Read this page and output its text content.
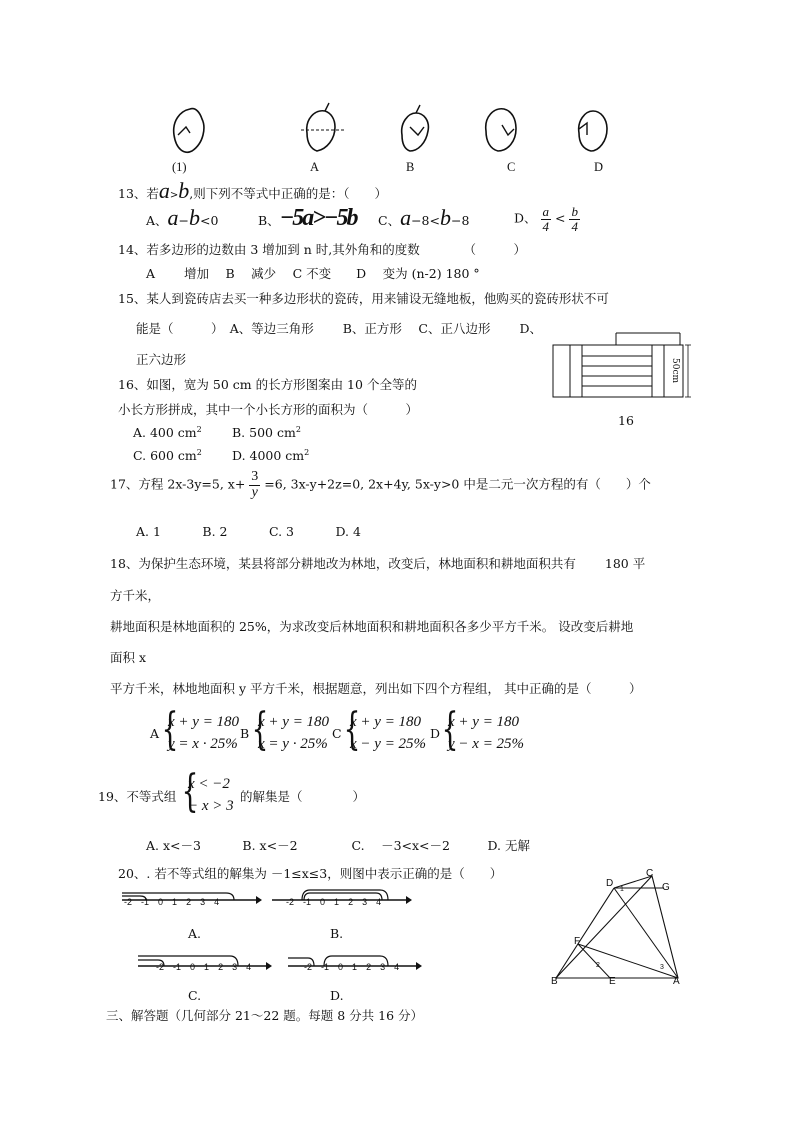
(1)	A	B	C	D
13、若a>b,则下列不等式中正确的是：（　　）
A、a−b<0	B、−5a>−5b C、a−8<b−8	D、 $\frac{a}{4} < \frac{b}{4}$
14、若多边形的边数由 3 增加到 n 时,其外角和的度数　　　　（　　　）
A　　 增加　 B　 减少　 C 不变　　D　 变为 (n-2) 180 °
15、某人到瓷砖店去买一种多边形状的瓷砖，用来铺设无缝地板，他购买的瓷砖形状不可
能是（　　　）　A、等边三角形　　 B、正方形　 C、正八边形　　 D、
正六边形	50cm
16
16、如图，宽为 50 cm 的长方形图案由 10 个全等的
小长方形拼成，其中一个小长方形的面积为（　　　）
A. 400 $cm^2$ B. 500 $cm^2$
C. 600 $cm^2$ D. 4000 $cm^2$
17、方程 2x-3y=5, $x+ \frac{3}{y} =6$, 3x-y+2z=0, 2x+4y, 5x-y>0 中是二元一次方程的有（　　）个
A. 1　　　 B. 2　　　 C. 3　　　 D. 4
18、为保护生态环境，某县将部分耕地改为林地，改变后，林地面积和耕地面积共有　　 180 平
方千米，
耕地面积是林地面积的 25%，为求改变后林地面积和耕地面积各多少平方千米。 设改变后耕地
面积 x
平方千米，林地地面积 y 平方千米，根据题意，列出如下四个方程组， 其中正确的是（　　　）
A {
x + y = 180
y = x · 25%
B {
x + y = 180
x = y · 25%
C {
x + y = 180
x − y = 25%
D {
x + y = 180
y − x = 25%
19、不等式组 {
x < −2
− x > 3
的解集是（　　　　）
A. x<－3　　　 B. x<－2　　　　 C.　 －3<x<－2　　　D. 无解
20、. 若不等式组的解集为 －1≤x≤3，则图中表示正确的是（　　）
-2 -1 0 1 2 3 4
A.
-2 -1 0 1 2 3 4
B.
-2 -1 0 1 2 3 4
C.
-2 -1 0 1 2 3 4
D.
C
D	G
F
B	E	A
1
2	3
三、解答题（几何部分 21～22 题。每题 8 分共 16 分）
